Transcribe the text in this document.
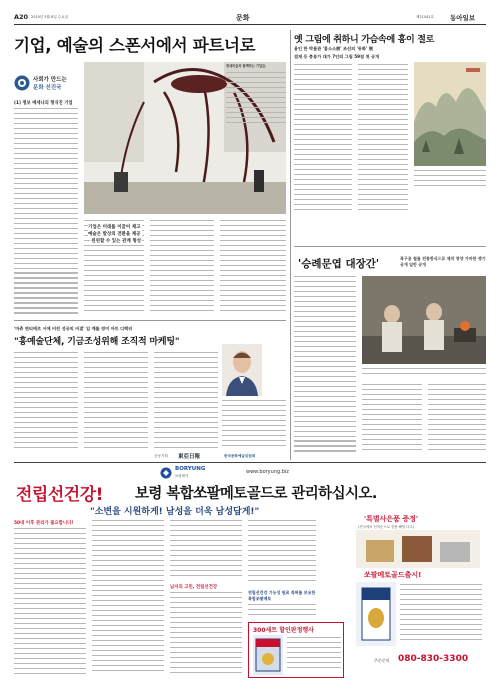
A20 2010년 5월 8일 수요일	문화	제21541호 동아일보
기업, 예술의 스폰서에서 파트너로
사회가 만드는
문화 선진국
(1) 명보 메세나의 형식진 기업
현대미술과 함께하는 기업들.
기업은 미래를 이끌어 제고 예술은 발상의 전환을 제공 · 윈윈할 수 있는 관계 형성
'마츄 면티에르 시에 비전 성공의 비결' 입 계롤 영미 아트 디렉터
"흥예술단체, 기금조성위해 조직적 마케팅"
공동기획 東亞日報	한국문화예술위원회
옛 그림에 취하니 가슴속에 홍이 절로
용인 한 박물관 '봄소소展' 조선의 '동화' 展
겸재 등 종류가 대가 7인의 그림 59점 첫 공개
'승례문엽 대장간'	복구용 철물 전통방식으로 제작 창양 가마한 쟁기 공개 일반 공개
BORYUNG
보령제약
www.boryung.biz
전립선건강! 보령 복합쏘팔메토골드로 관리하십시오.
"소변을 시원하게! 남성을 더욱 남성답게!"
50대 이후 관리가 필요합니다!
남자의 고민, 전립선건강
전립선건강 기능성 원료 특허를 보유한 복합쏘팔메토
300세트 할인판정행사
'특별사은품 증정'
(전국에서 선착순으로 상용 해당 다수)
쏘팔메토골드출시!
주문문의 080-830-3300
